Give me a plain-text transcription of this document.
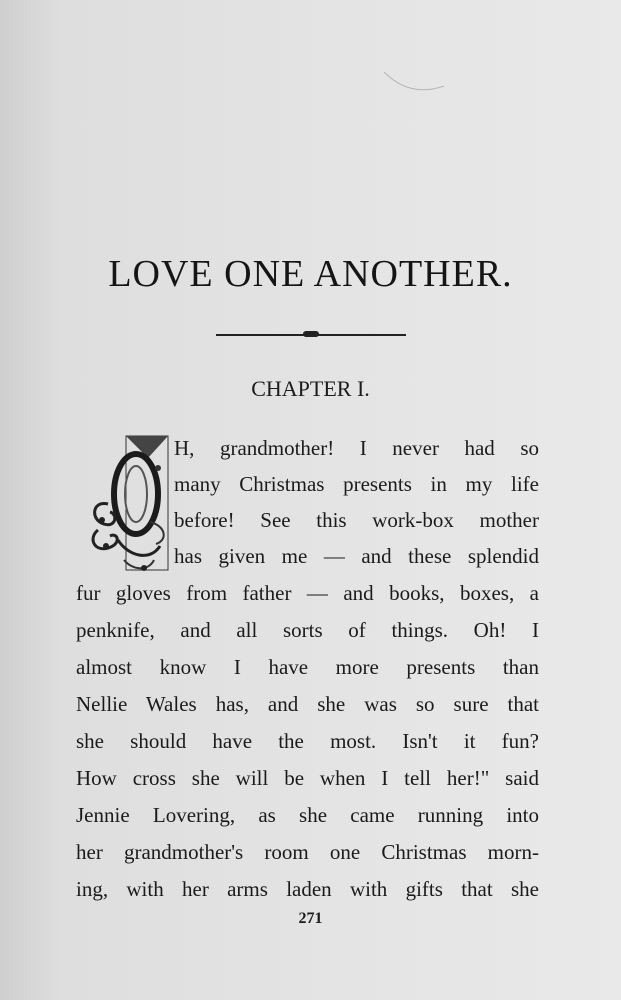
LOVE ONE ANOTHER.
CHAPTER I.
H, grandmother! I never had so
many Christmas presents in my life
before! See this work-box mother
has given me — and these splendid
fur gloves from father — and books, boxes, a
penknife, and all sorts of things. Oh! I
almost know I have more presents than
Nellie Wales has, and she was so sure that
she should have the most. Isn't it fun?
How cross she will be when I tell her!" said
Jennie Lovering, as she came running into
her grandmother's room one Christmas morn-
ing, with her arms laden with gifts that she
271
